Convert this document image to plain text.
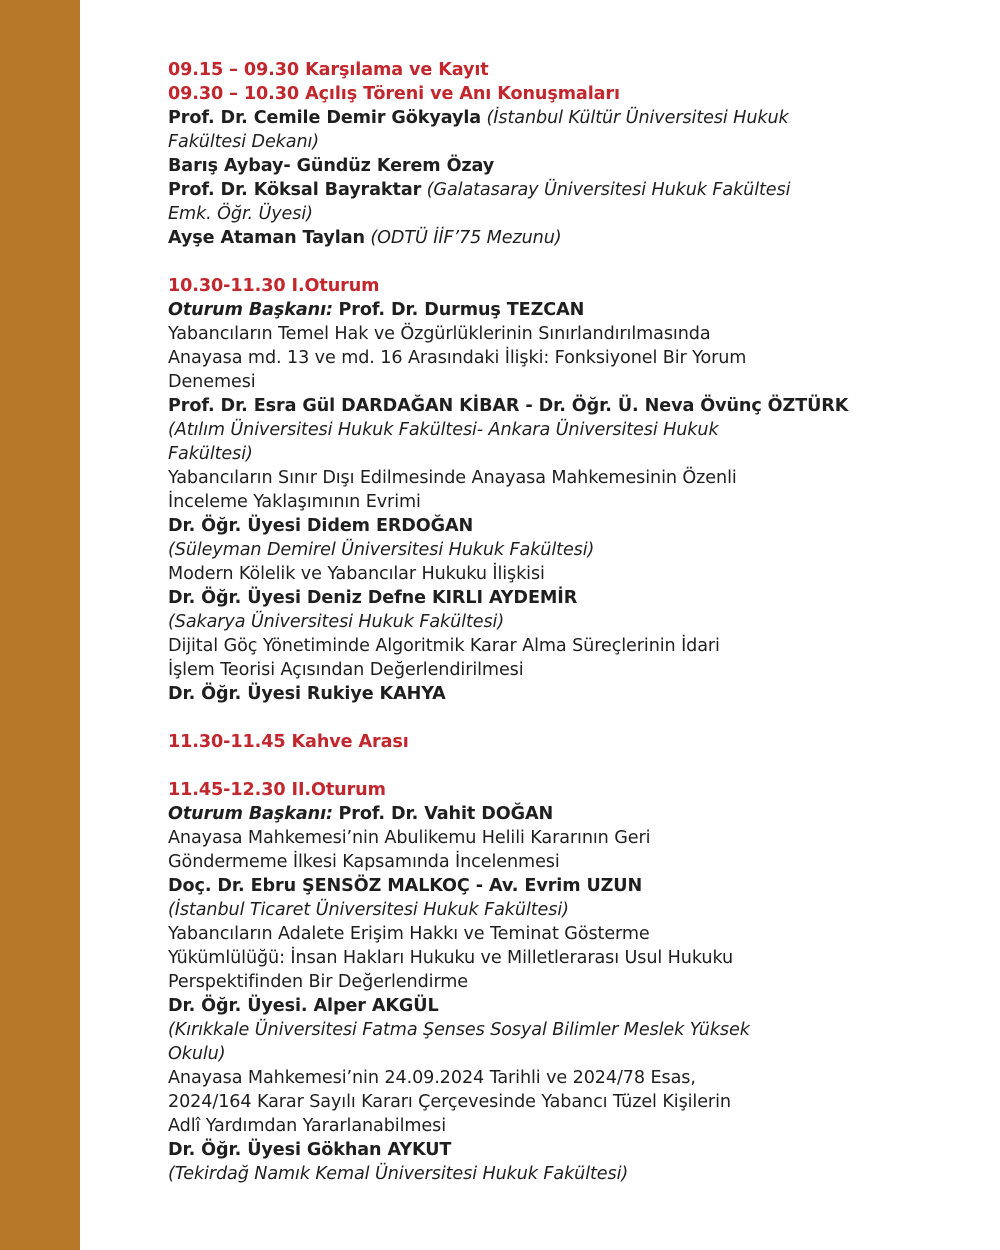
09.15 – 09.30 Karşılama ve Kayıt
09.30 – 10.30 Açılış Töreni ve Anı Konuşmaları
Prof. Dr. Cemile Demir Gökyayla (İstanbul Kültür Üniversitesi Hukuk
Fakültesi Dekanı)
Barış Aybay- Gündüz Kerem Özay
Prof. Dr. Köksal Bayraktar (Galatasaray Üniversitesi Hukuk Fakültesi
Emk. Öğr. Üyesi)
Ayşe Ataman Taylan (ODTÜ İİF’75 Mezunu)
10.30-11.30 I.Oturum
Oturum Başkanı: Prof. Dr. Durmuş TEZCAN
Yabancıların Temel Hak ve Özgürlüklerinin Sınırlandırılmasında
Anayasa md. 13 ve md. 16 Arasındaki İlişki: Fonksiyonel Bir Yorum
Denemesi
Prof. Dr. Esra Gül DARDAĞAN KİBAR - Dr. Öğr. Ü. Neva Övünç ÖZTÜRK
(Atılım Üniversitesi Hukuk Fakültesi- Ankara Üniversitesi Hukuk
Fakültesi)
Yabancıların Sınır Dışı Edilmesinde Anayasa Mahkemesinin Özenli
İnceleme Yaklaşımının Evrimi
Dr. Öğr. Üyesi Didem ERDOĞAN
(Süleyman Demirel Üniversitesi Hukuk Fakültesi)
Modern Kölelik ve Yabancılar Hukuku İlişkisi
Dr. Öğr. Üyesi Deniz Defne KIRLI AYDEMİR
(Sakarya Üniversitesi Hukuk Fakültesi)
Dijital Göç Yönetiminde Algoritmik Karar Alma Süreçlerinin İdari
İşlem Teorisi Açısından Değerlendirilmesi
Dr. Öğr. Üyesi Rukiye KAHYA
11.30-11.45 Kahve Arası
11.45-12.30 II.Oturum
Oturum Başkanı: Prof. Dr. Vahit DOĞAN
Anayasa Mahkemesi’nin Abulikemu Helili Kararının Geri
Göndermeme İlkesi Kapsamında İncelenmesi
Doç. Dr. Ebru ŞENSÖZ MALKOÇ - Av. Evrim UZUN
(İstanbul Ticaret Üniversitesi Hukuk Fakültesi)
Yabancıların Adalete Erişim Hakkı ve Teminat Gösterme
Yükümlülüğü: İnsan Hakları Hukuku ve Milletlerarası Usul Hukuku
Perspektifinden Bir Değerlendirme
Dr. Öğr. Üyesi. Alper AKGÜL
(Kırıkkale Üniversitesi Fatma Şenses Sosyal Bilimler Meslek Yüksek
Okulu)
Anayasa Mahkemesi’nin 24.09.2024 Tarihli ve 2024/78 Esas,
2024/164 Karar Sayılı Kararı Çerçevesinde Yabancı Tüzel Kişilerin
Adlî Yardımdan Yararlanabilmesi
Dr. Öğr. Üyesi Gökhan AYKUT
(Tekirdağ Namık Kemal Üniversitesi Hukuk Fakültesi)
